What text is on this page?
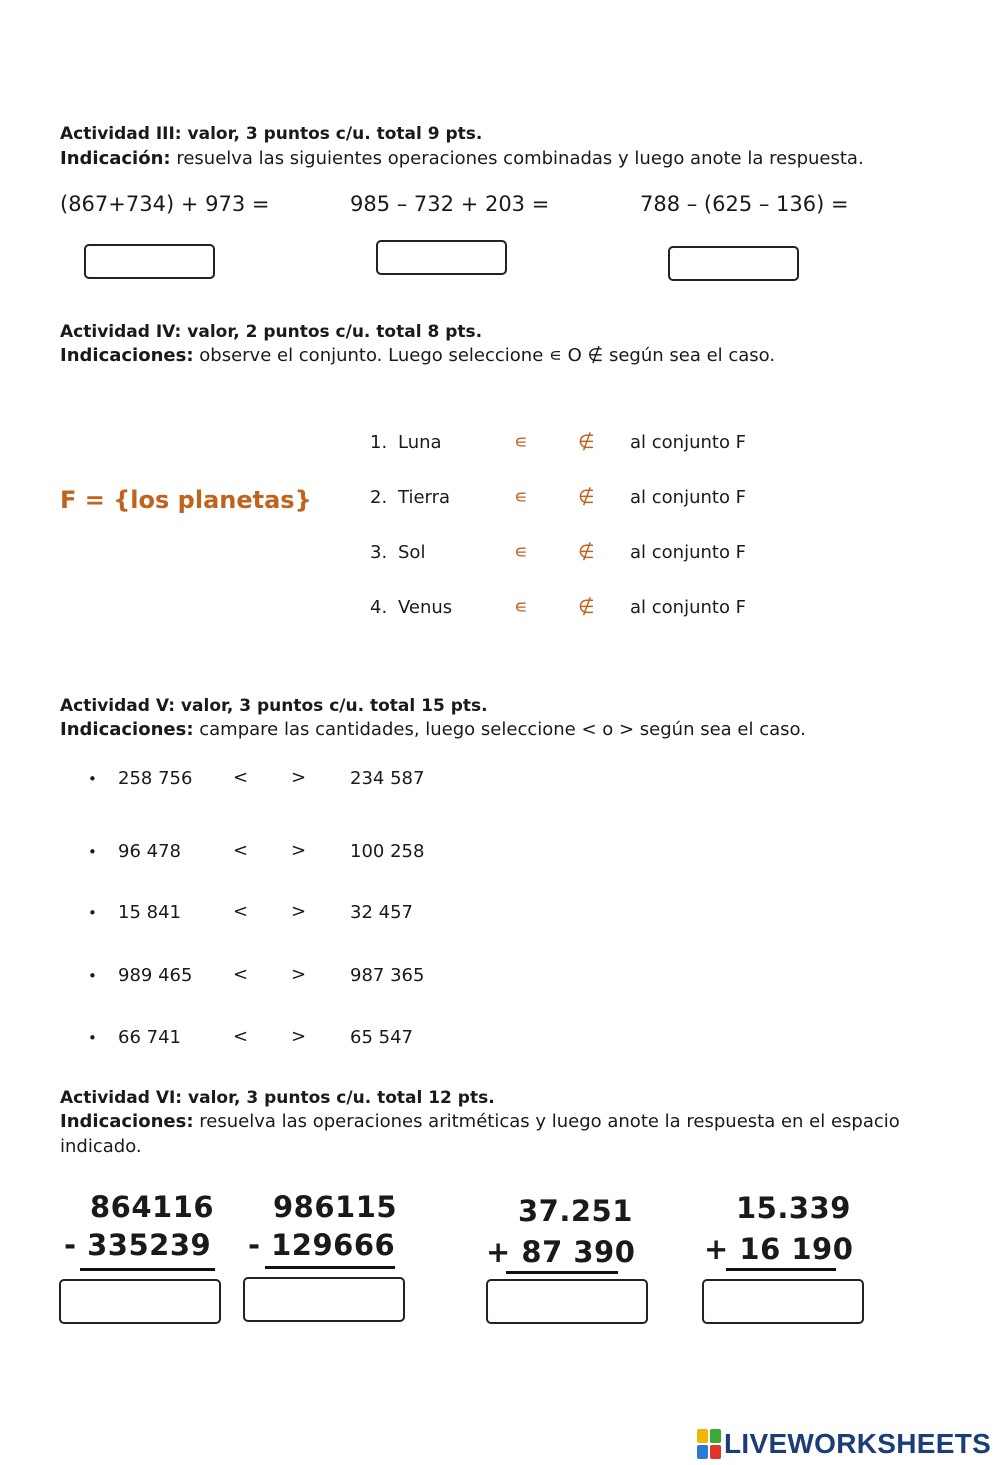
Actividad III: valor, 3 puntos c/u. total 9 pts.
Indicación: resuelva las siguientes operaciones combinadas y luego anote la respuesta.
(867+734) + 973 =	985 – 732 + 203 =	788 – (625 – 136) =
Actividad IV: valor, 2 puntos c/u. total 8 pts.
Indicaciones: observe el conjunto. Luego seleccione ∊ O ∉ según sea el caso.
F = {los planetas}
1. Luna	∊	∉ al conjunto F
2. Tierra	∊	∉ al conjunto F
3. Sol	∊	∉ al conjunto F
4. Venus	∊	∉ al conjunto F
Actividad V: valor, 3 puntos c/u. total 15 pts.
Indicaciones: campare las cantidades, luego seleccione < o > según sea el caso.
• 258 756 < > 234 587
• 96 478	< > 100 258
• 15 841	< > 32 457
• 989 465 < > 987 365
• 66 741	< > 65 547
Actividad VI: valor, 3 puntos c/u. total 12 pts.
Indicaciones: resuelva las operaciones aritméticas y luego anote la respuesta en el espacio
indicado.
864116
- 335239
986115
- 129666
37.251
+ 87 390
15.339
+ 16 190
LIVEWORKSHEETS
